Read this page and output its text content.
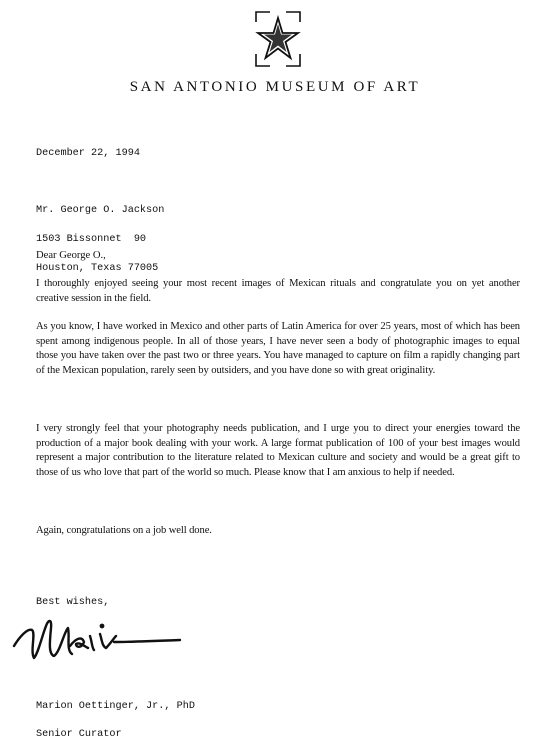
SAN ANTONIO MUSEUM OF ART
December 22, 1994

Mr. George O. Jackson

1503 Bissonnet  90

Houston, Texas 77005

Dear George O.,
I thoroughly enjoyed seeing your most recent images of Mexican rituals and congratulate you on yet another creative session in the field.
As you know, I have worked in Mexico and other parts of Latin America for over 25 years, most of which has been spent among indigenous people. In all of those years, I have never seen a body of photographic images to equal those you have taken over the past two or three years. You have managed to capture on film a rapidly changing part of the Mexican population, rarely seen by outsiders, and you have done so with great originality.
I very strongly feel that your photography needs publication, and I urge you to direct your energies toward the production of a major book dealing with your work. A large format publication of 100 of your best images would represent a major contribution to the literature related to Mexican culture and society and would be a great gift to those of us who love that part of the world so much. Please know that I am anxious to help if needed.
Again, congratulations on a job well done.
Best wishes,

Marion Oettinger, Jr., PhD

Senior Curator
